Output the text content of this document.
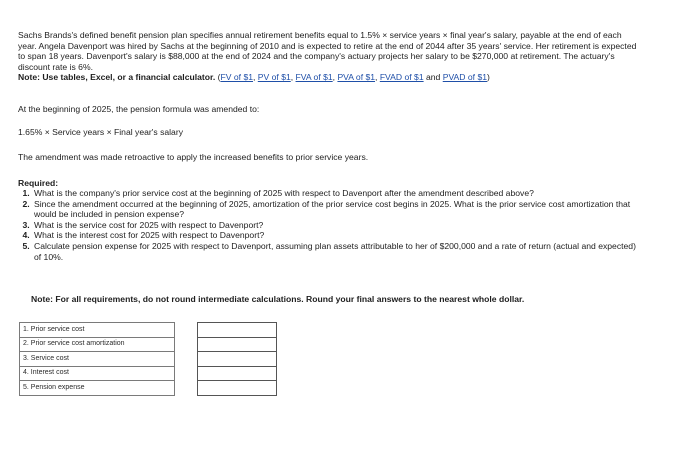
Sachs Brands's defined benefit pension plan specifies annual retirement benefits equal to 1.5% × service years × final year's salary, payable at the end of each year. Angela Davenport was hired by Sachs at the beginning of 2010 and is expected to retire at the end of 2044 after 35 years' service. Her retirement is expected to span 18 years. Davenport's salary is $88,000 at the end of 2024 and the company's actuary projects her salary to be $270,000 at retirement. The actuary's discount rate is 6%.
Note: Use tables, Excel, or a financial calculator. (FV of $1, PV of $1, FVA of $1, PVA of $1, FVAD of $1 and PVAD of $1)

At the beginning of 2025, the pension formula was amended to:

1.65% × Service years × Final year's salary

The amendment was made retroactive to apply the increased benefits to prior service years.

Required:

1. What is the company's prior service cost at the beginning of 2025 with respect to Davenport after the amendment described above?
2. Since the amendment occurred at the beginning of 2025, amortization of the prior service cost begins in 2025. What is the prior service cost amortization that would be included in pension expense?
3. What is the service cost for 2025 with respect to Davenport?
4. What is the interest cost for 2025 with respect to Davenport?
5. Calculate pension expense for 2025 with respect to Davenport, assuming plan assets attributable to her of $200,000 and a rate of return (actual and expected) of 10%.

Note: For all requirements, do not round intermediate calculations. Round your final answers to the nearest whole dollar.

1. Prior service cost		
2. Prior service cost amortization		
3. Service cost		
4. Interest cost		
5. Pension expense		
